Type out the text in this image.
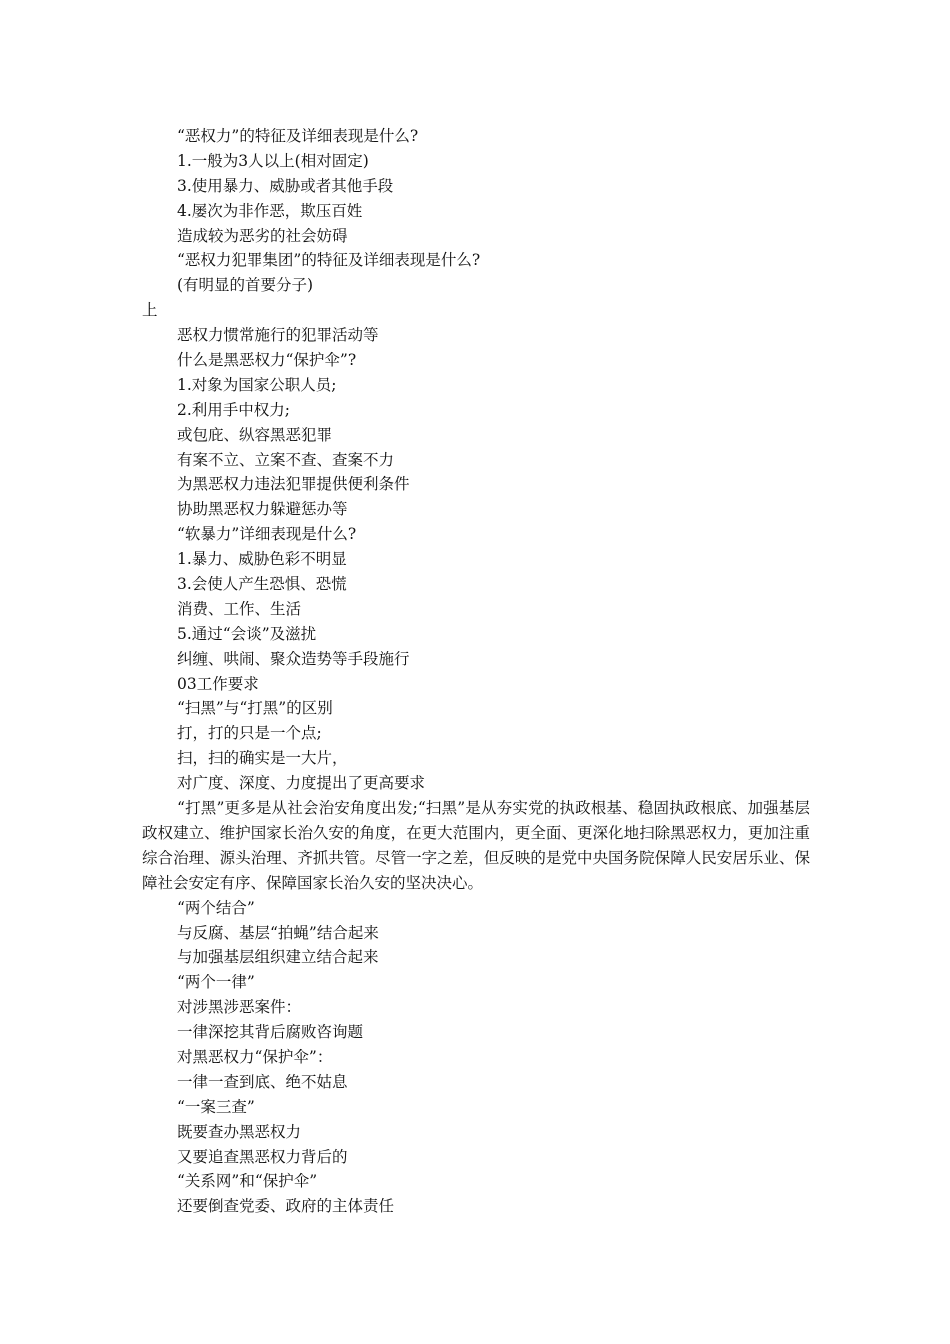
“恶权力”的特征及详细表现是什么?
1.一般为3人以上(相对固定)
3.使用暴力、威胁或者其他手段
4.屡次为非作恶，欺压百姓
造成较为恶劣的社会妨碍
“恶权力犯罪集团”的特征及详细表现是什么?
(有明显的首要分子)
上
恶权力惯常施行的犯罪活动等
什么是黑恶权力“保护伞”?
1.对象为国家公职人员;
2.利用手中权力;
或包庇、纵容黑恶犯罪
有案不立、立案不查、查案不力
为黑恶权力违法犯罪提供便利条件
协助黑恶权力躲避惩办等
“软暴力”详细表现是什么?
1.暴力、威胁色彩不明显
3.会使人产生恐惧、恐慌
消费、工作、生活
5.通过“会谈”及滋扰
纠缠、哄闹、聚众造势等手段施行
03工作要求
“扫黑”与“打黑”的区别
打，打的只是一个点;
扫，扫的确实是一大片，
对广度、深度、力度提出了更高要求

“打黑”更多是从社会治安角度出发;“扫黑”是从夯实党的执政根基、稳固执政根底、加强基层政权建立、维护国家长治久安的角度，在更大范围内，更全面、更深化地扫除黑恶权力，更加注重综合治理、源头治理、齐抓共管。尽管一字之差，但反映的是党中央国务院保障人民安居乐业、保障社会安定有序、保障国家长治久安的坚决决心。

“两个结合”
与反腐、基层“拍蝇”结合起来
与加强基层组织建立结合起来
“两个一律”
对涉黑涉恶案件：
一律深挖其背后腐败咨询题
对黑恶权力“保护伞”：
一律一查到底、绝不姑息
“一案三查”
既要查办黑恶权力
又要追查黑恶权力背后的
“关系网”和“保护伞”
还要倒查党委、政府的主体责任
